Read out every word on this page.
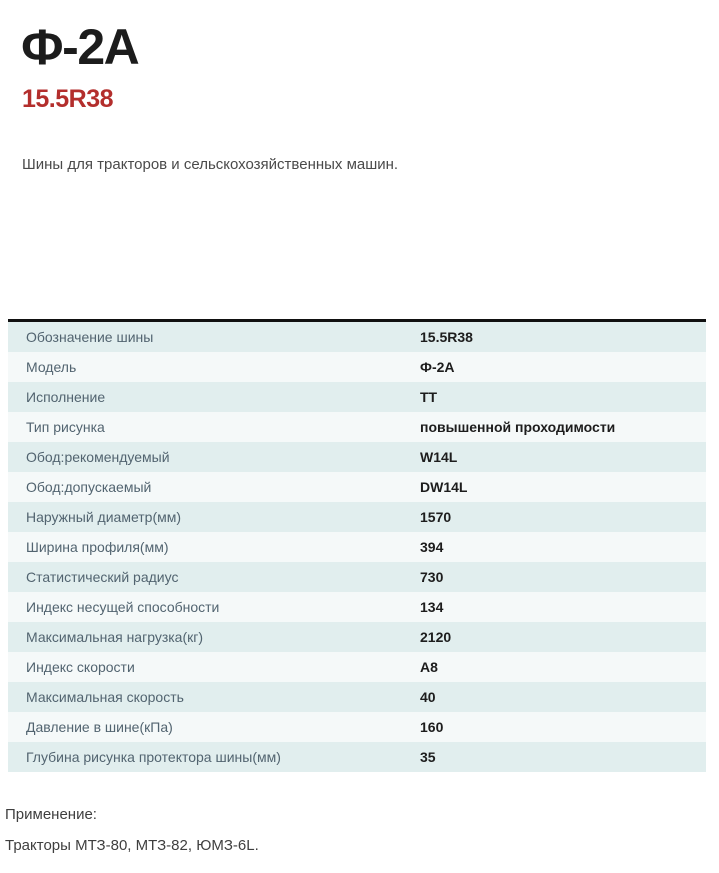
Ф-2А
15.5R38

Шины для тракторов и сельскохозяйственных машин.

Обозначение шины	15.5R38
Модель	Ф-2А
Исполнение	TT
Тип рисунка	повышенной проходимости
Обод:рекомендуемый	W14L
Обод:допускаемый	DW14L
Наружный диаметр(мм)	1570
Ширина профиля(мм)	394
Статистический радиус	730
Индекс несущей способности	134
Максимальная нагрузка(кг)	2120
Индекс скорости	A8
Максимальная скорость	40
Давление в шине(кПа)	160
Глубина рисунка протектора шины(мм)	35

Применение:

Тракторы МТЗ-80, МТЗ-82, ЮМЗ-6L.
